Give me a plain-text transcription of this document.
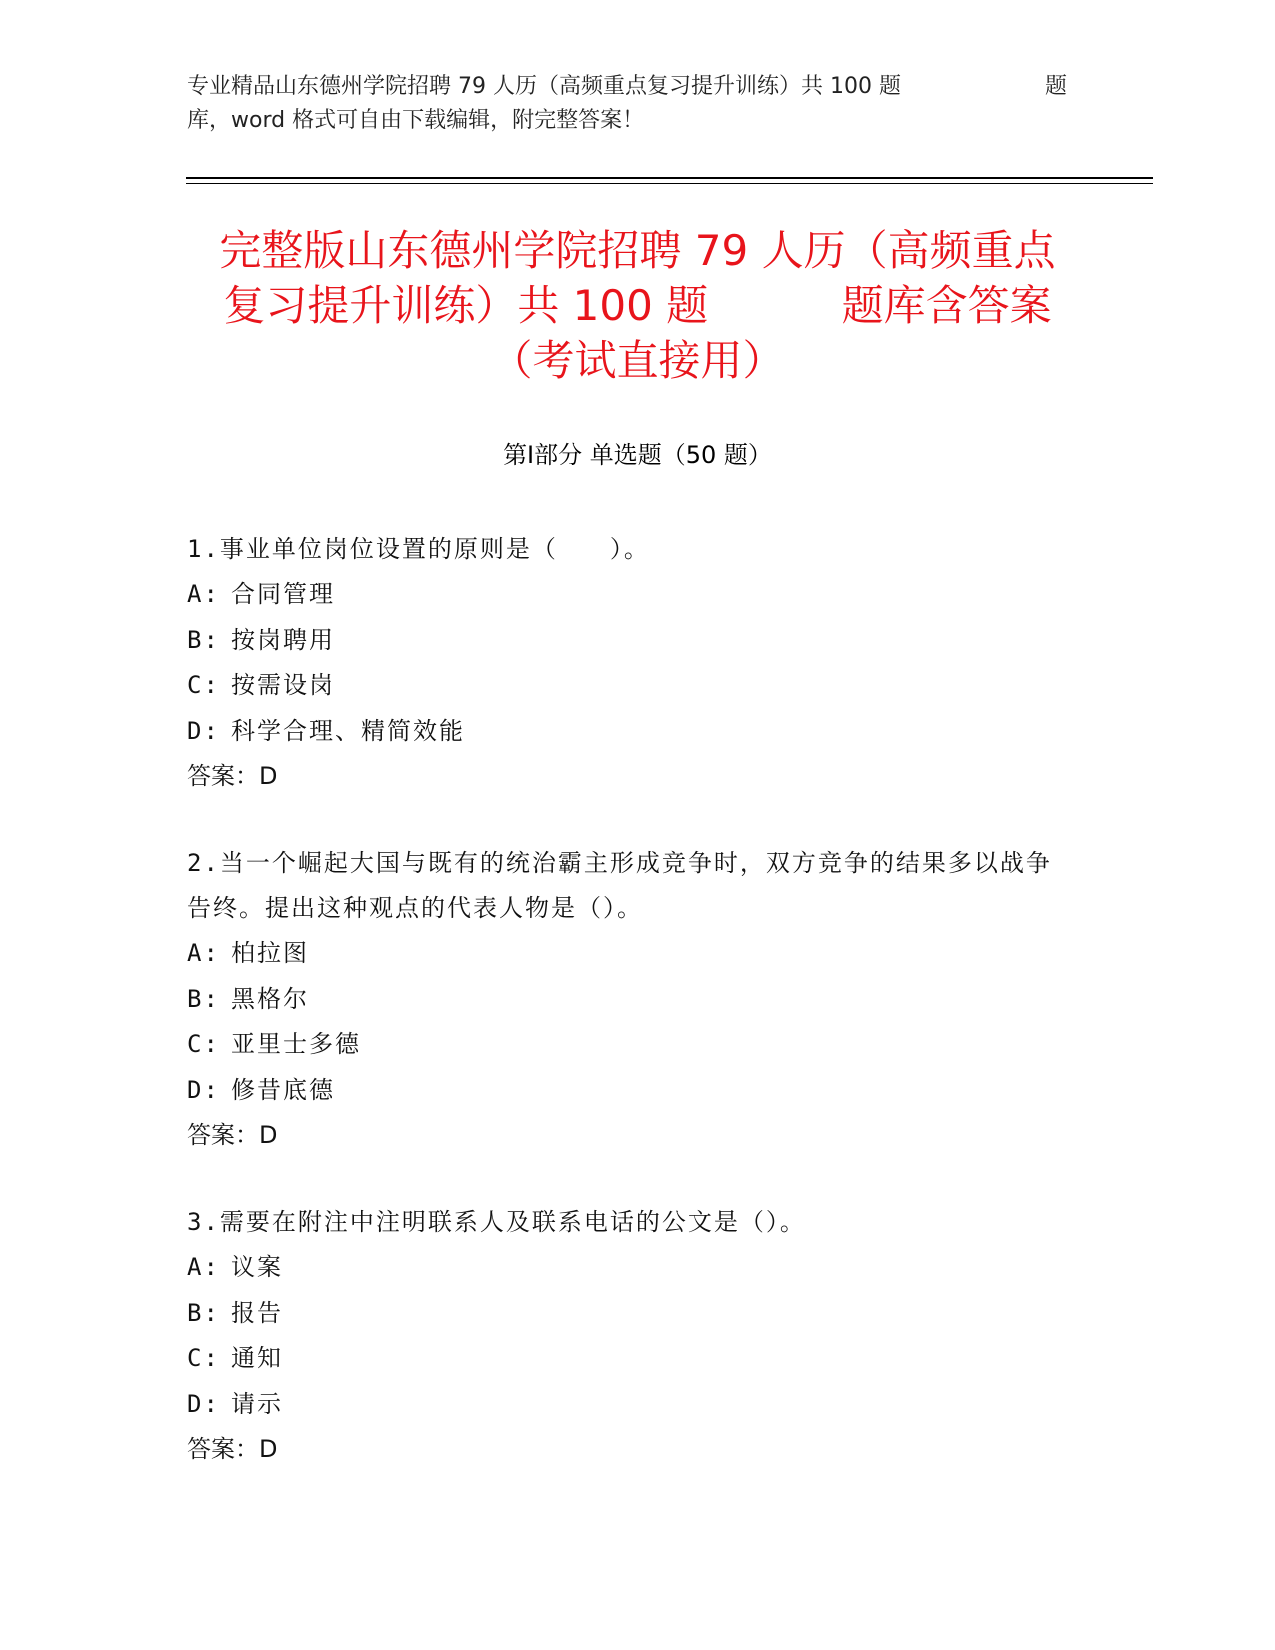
专业精品山东德州学院招聘 79 人历（高频重点复习提升训练）共 100 题	题
库，word 格式可自由下载编辑，附完整答案！
完整版山东德州学院招聘 79 人历（高频重点
复习提升训练）共 100 题          题库含答案
（考试直接用）
第Ⅰ部分 单选题（50 题）
1.事业单位岗位设置的原则是（　　）。
A: 合同管理
B: 按岗聘用
C: 按需设岗
D: 科学合理、精简效能
答案：D
2.当一个崛起大国与既有的统治霸主形成竞争时，双方竞争的结果多以战争告终。提出这种观点的代表人物是（）。
A: 柏拉图
B: 黑格尔
C: 亚里士多德
D: 修昔底德
答案：D
3.需要在附注中注明联系人及联系电话的公文是（）。
A: 议案
B: 报告
C: 通知
D: 请示
答案：D
